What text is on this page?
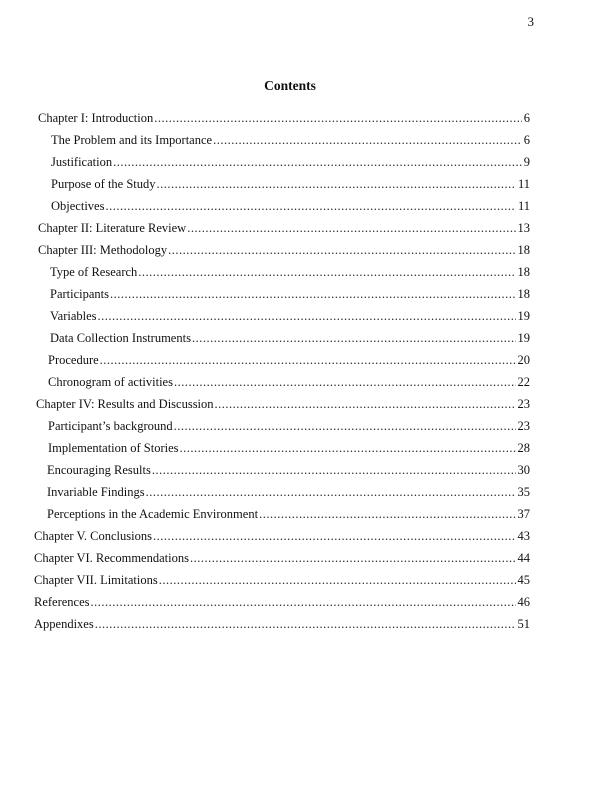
3
Contents
Chapter I: Introduction .....	6
The Problem and its Importance .....	6
Justification .....	9
Purpose of the Study .....	11
Objectives .....	11
Chapter II: Literature Review .....	13
Chapter III: Methodology .....	18
Type of Research .....	18
Participants .....	18
Variables .....	19
Data Collection Instruments .....	19
Procedure .....	20
Chronogram of activities .....	22
Chapter IV: Results and Discussion .....	23
Participant’s background .....	23
Implementation of Stories .....	28
Encouraging Results .....	30
Invariable Findings .....	35
Perceptions in the Academic Environment .....	37
Chapter V. Conclusions .....	43
Chapter VI. Recommendations .....	44
Chapter VII. Limitations .....	45
References .....	46
Appendixes .....	51
